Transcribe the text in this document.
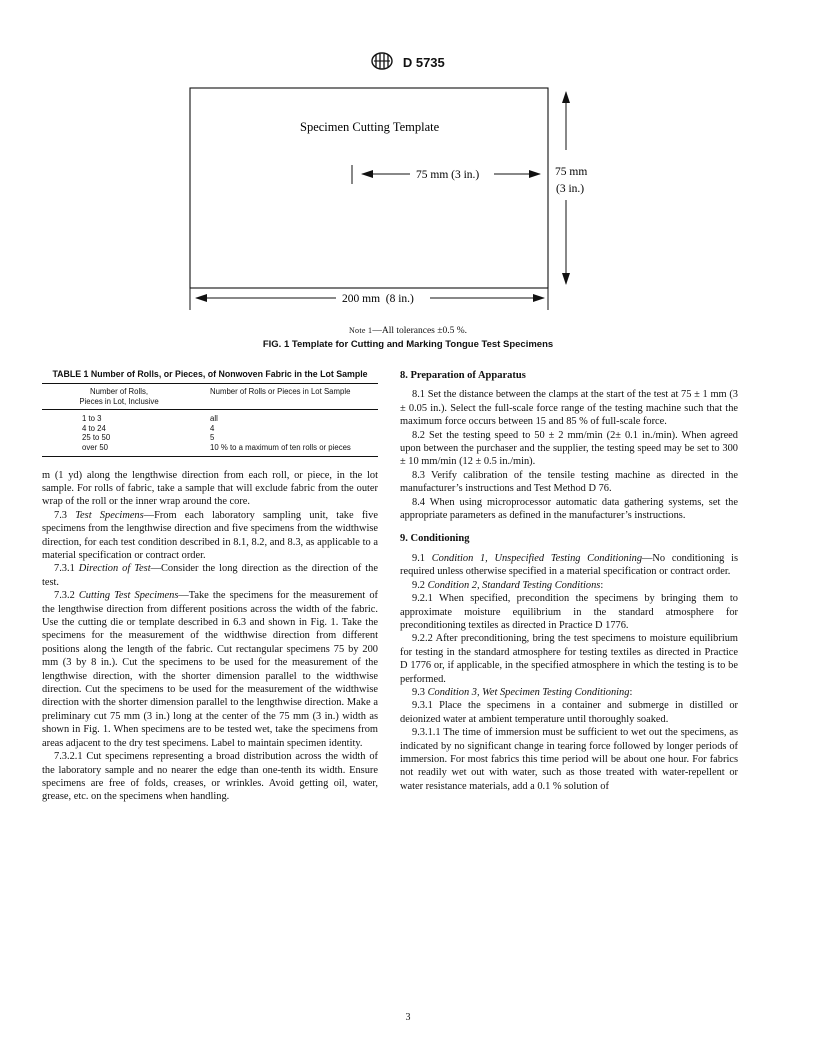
D 5735
Specimen Cutting Template
75 mm (3 in.)	75 mm
(3 in.)
200 mm  (8 in.)
Note 1—All tolerances ±0.5 %.
FIG. 1 Template for Cutting and Marking Tongue Test Specimens
TABLE 1 Number of Rolls, or Pieces, of Nonwoven Fabric in the Lot Sample
Number of Rolls,
Pieces in Lot, Inclusive	Number of Rolls or Pieces in Lot Sample
1 to 3	all
4 to 24	4
25 to 50	5
over 50	10 % to a maximum of ten rolls or pieces

m (1 yd) along the lengthwise direction from each roll, or piece, in the lot sample. For rolls of fabric, take a sample that will exclude fabric from the outer wrap of the roll or the inner wrap around the core.

7.3 Test Specimens—From each laboratory sampling unit, take five specimens from the lengthwise direction and five specimens from the widthwise direction, for each test condition described in 8.1, 8.2, and 8.3, as applicable to a material specification or contract order.

7.3.1 Direction of Test—Consider the long direction as the direction of the test.

7.3.2 Cutting Test Specimens—Take the specimens for the measurement of the lengthwise direction from different positions across the width of the fabric. Use the cutting die or template described in 6.3 and shown in Fig. 1. Take the specimens for the measurement of the widthwise direction from different positions along the length of the fabric. Cut rectangular specimens 75 by 200 mm (3 by 8 in.). Cut the specimens to be used for the measurement of the lengthwise direction, with the shorter dimension parallel to the widthwise direction. Cut the specimens to be used for the measurement of the widthwise direction with the shorter dimension parallel to the lengthwise direction. Make a preliminary cut 75 mm (3 in.) long at the center of the 75 mm (3 in.) width as shown in Fig. 1. When specimens are to be tested wet, take the specimens from areas adjacent to the dry test specimens. Label to maintain specimen identity.

7.3.2.1 Cut specimens representing a broad distribution across the width of the laboratory sample and no nearer the edge than one-tenth its width. Ensure specimens are free of folds, creases, or wrinkles. Avoid getting oil, water, grease, etc. on the specimens when handling.

8. Preparation of Apparatus

8.1 Set the distance between the clamps at the start of the test at 75 ± 1 mm (3 ± 0.05 in.). Select the full-scale force range of the testing machine such that the maximum force occurs between 15 and 85 % of full-scale force.

8.2 Set the testing speed to 50 ± 2 mm/min (2± 0.1 in./min). When agreed upon between the purchaser and the supplier, the testing speed may be set to 300 ± 10 mm/min (12 ± 0.5 in./min).

8.3 Verify calibration of the tensile testing machine as directed in the manufacturer’s instructions and Test Method D 76.

8.4 When using microprocessor automatic data gathering systems, set the appropriate parameters as defined in the manufacturer’s instructions.

9. Conditioning

9.1 Condition 1, Unspecified Testing Conditioning—No conditioning is required unless otherwise specified in a material specification or contract order.

9.2 Condition 2, Standard Testing Conditions:

9.2.1 When specified, precondition the specimens by bringing them to approximate moisture equilibrium in the standard atmosphere for preconditioning textiles as directed in Practice D 1776.

9.2.2 After preconditioning, bring the test specimens to moisture equilibrium for testing in the standard atmosphere for testing textiles as directed in Practice D 1776 or, if applicable, in the specified atmosphere in which the testing is to be performed.

9.3 Condition 3, Wet Specimen Testing Conditioning:

9.3.1 Place the specimens in a container and submerge in distilled or deionized water at ambient temperature until thoroughly soaked.

9.3.1.1 The time of immersion must be sufficient to wet out the specimens, as indicated by no significant change in tearing force followed by longer periods of immersion. For most fabrics this time period will be about one hour. For fabrics not readily wet out with water, such as those treated with water-repellent or water resistance materials, add a 0.1 % solution of

3
